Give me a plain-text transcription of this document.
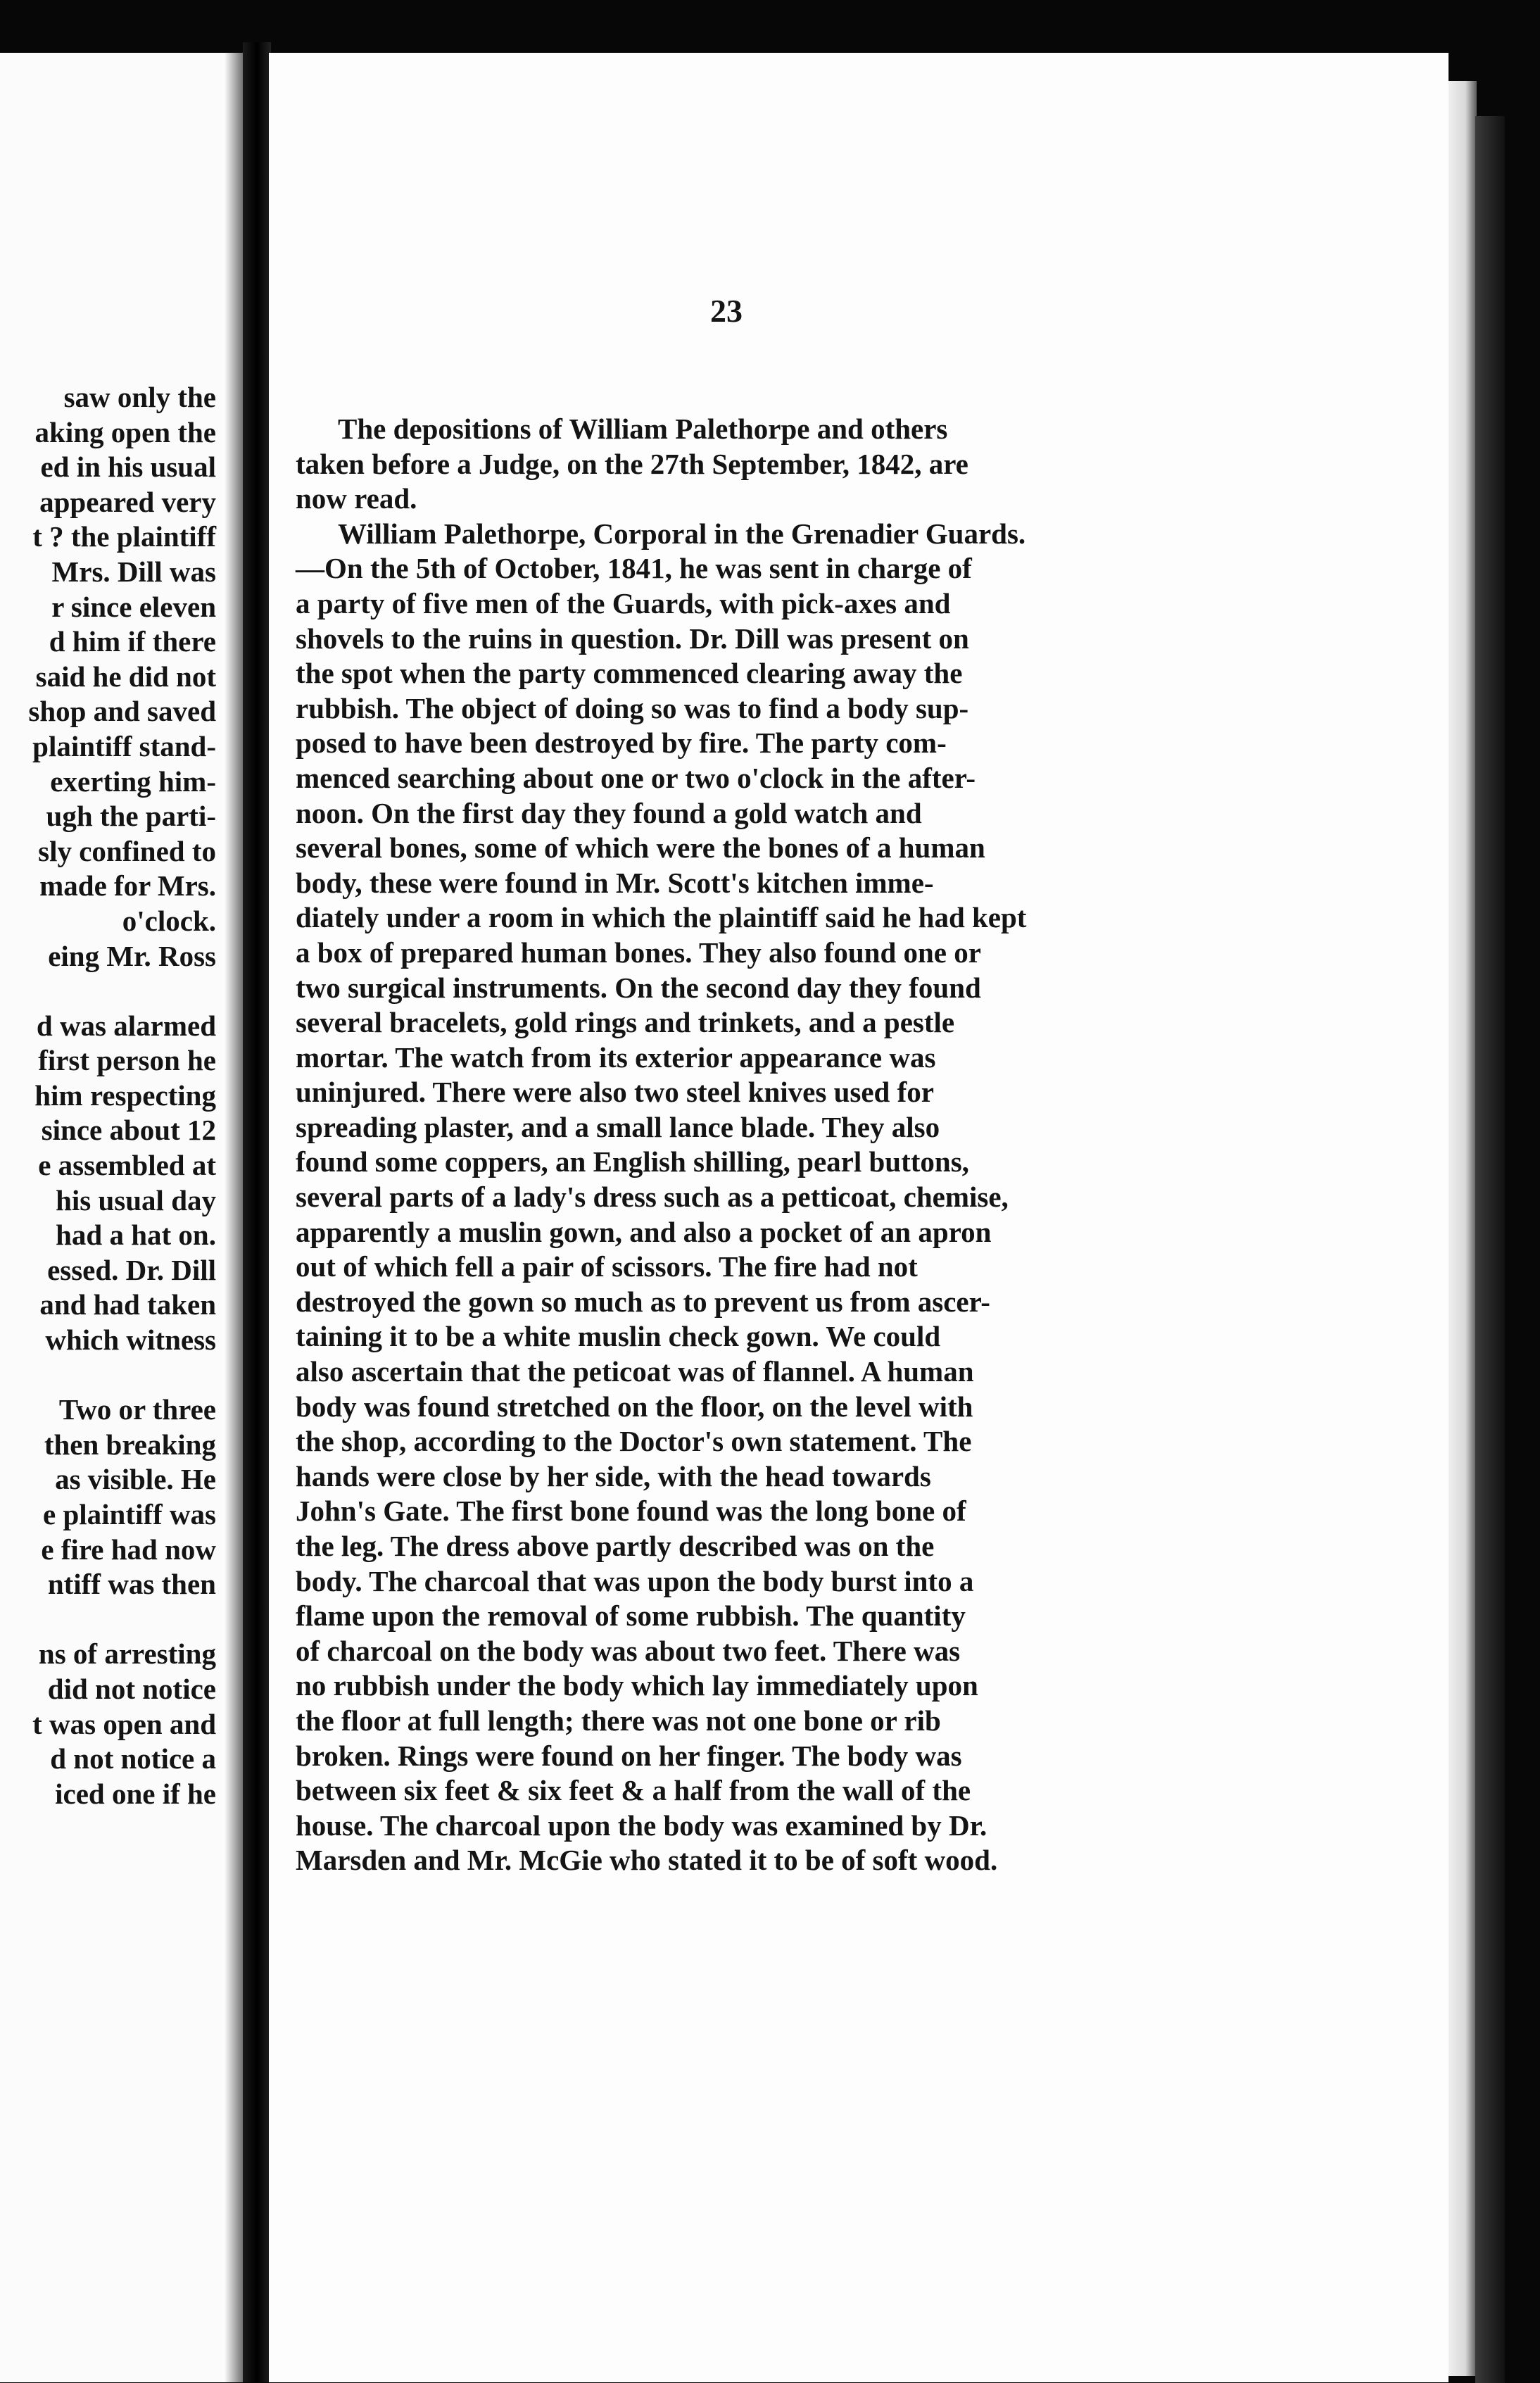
saw only the
aking open the
ed in his usual
appeared very
t ? the plaintiff
Mrs. Dill was
r since eleven
d him if there
said he did not
shop and saved
plaintiff stand-
exerting him-
ugh the parti-
sly confined to
made for Mrs.
o'clock.
eing Mr. Ross
d was alarmed
first person he
him respecting
since about 12
e assembled at
his usual day
had a hat on.
essed. Dr. Dill
and had taken
which witness
Two or three
then breaking
as visible. He
e plaintiff was
e fire had now
ntiff was then
ns of arresting
did not notice
t was open and
d not notice a
iced one if he
23
The depositions of William Palethorpe and others
taken before a Judge, on the 27th September, 1842, are
now read.
William Palethorpe, Corporal in the Grenadier Guards.
—On the 5th of October, 1841, he was sent in charge of
a party of five men of the Guards, with pick-axes and
shovels to the ruins in question. Dr. Dill was present on
the spot when the party commenced clearing away the
rubbish. The object of doing so was to find a body sup-
posed to have been destroyed by fire. The party com-
menced searching about one or two o'clock in the after-
noon. On the first day they found a gold watch and
several bones, some of which were the bones of a human
body, these were found in Mr. Scott's kitchen imme-
diately under a room in which the plaintiff said he had kept
a box of prepared human bones. They also found one or
two surgical instruments. On the second day they found
several bracelets, gold rings and trinkets, and a pestle
mortar. The watch from its exterior appearance was
uninjured. There were also two steel knives used for
spreading plaster, and a small lance blade. They also
found some coppers, an English shilling, pearl buttons,
several parts of a lady's dress such as a petticoat, chemise,
apparently a muslin gown, and also a pocket of an apron
out of which fell a pair of scissors. The fire had not
destroyed the gown so much as to prevent us from ascer-
taining it to be a white muslin check gown. We could
also ascertain that the peticoat was of flannel. A human
body was found stretched on the floor, on the level with
the shop, according to the Doctor's own statement. The
hands were close by her side, with the head towards
John's Gate. The first bone found was the long bone of
the leg. The dress above partly described was on the
body. The charcoal that was upon the body burst into a
flame upon the removal of some rubbish. The quantity
of charcoal on the body was about two feet. There was
no rubbish under the body which lay immediately upon
the floor at full length; there was not one bone or rib
broken. Rings were found on her finger. The body was
between six feet & six feet & a half from the wall of the
house. The charcoal upon the body was examined by Dr.
Marsden and Mr. McGie who stated it to be of soft wood.
